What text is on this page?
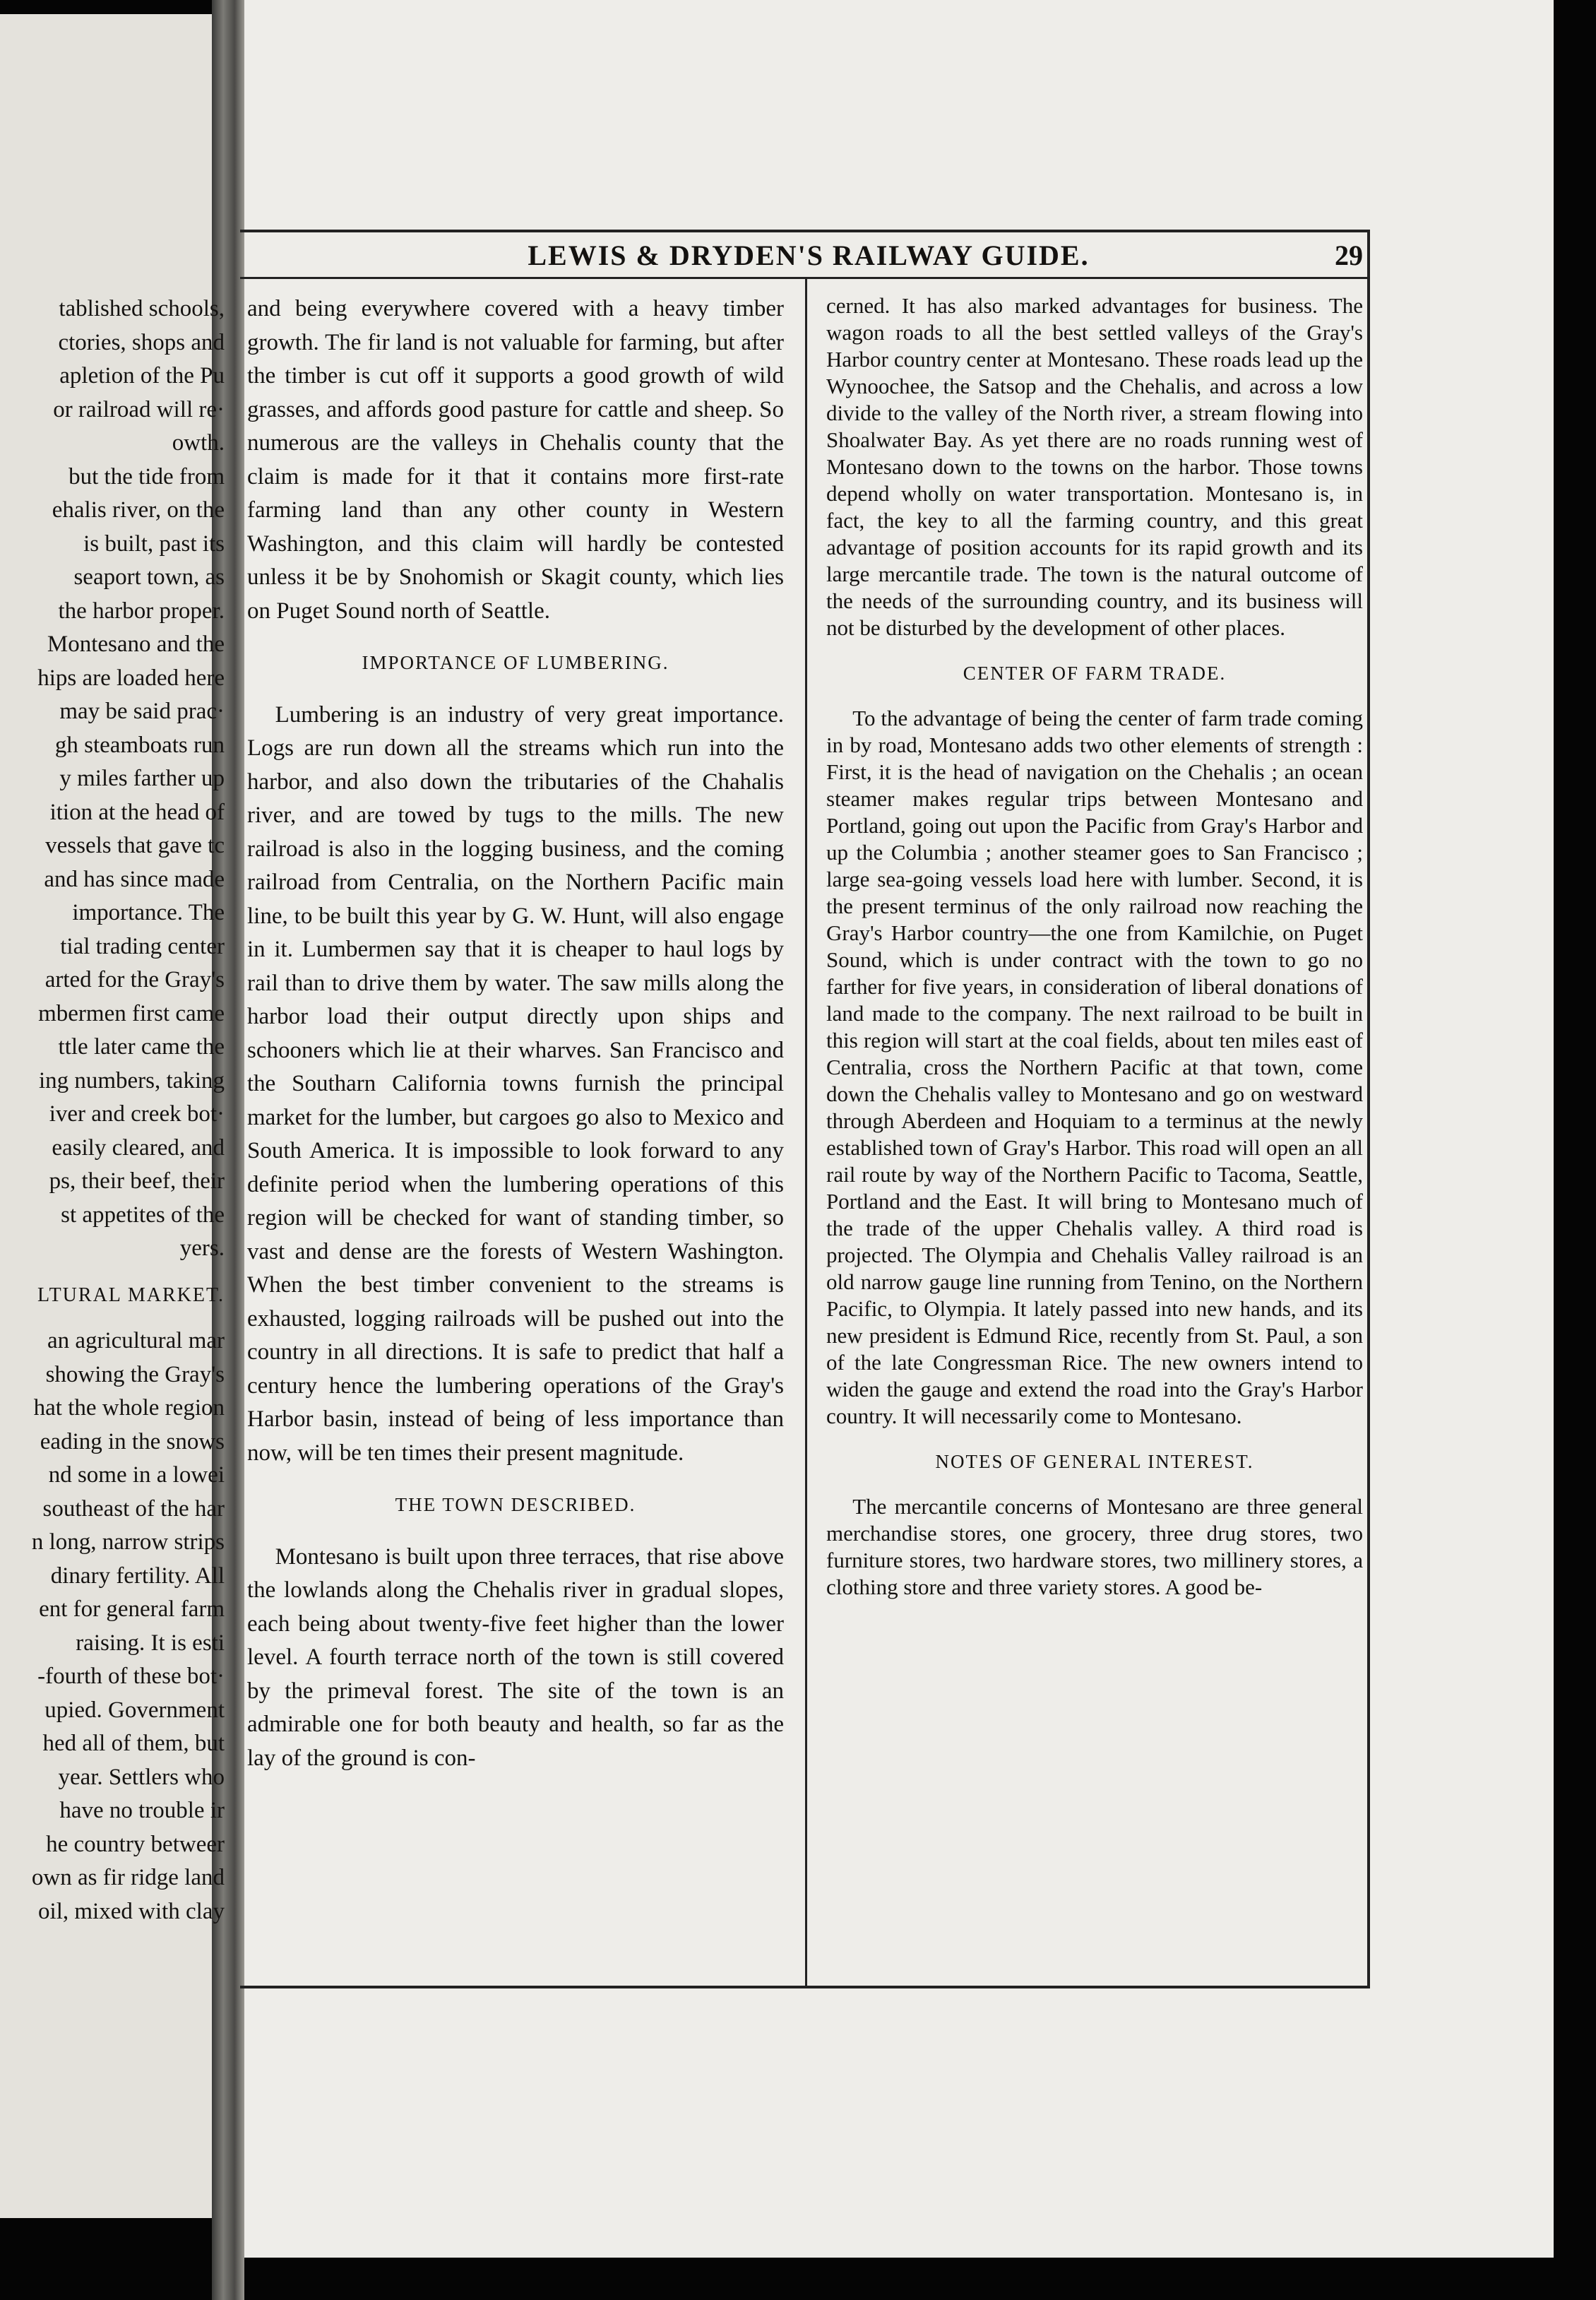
tablished schools,
ctories, shops and
apletion of the Pu
or railroad will re·
owth.
but the tide from
ehalis river, on the
is built, past its
seaport town, as
the harbor proper.
Montesano and the
hips are loaded here
may be said prac·
gh steamboats run
y miles farther up
ition at the head of
vessels that gave tc
and has since made
importance. The
tial trading center
arted for the Gray's
mbermen first came
ttle later came the
ing numbers, taking
iver and creek bot·
easily cleared, and
ps, their beef, their
st appetites of the
yers.
LTURAL MARKET.
an agricultural mar
showing the Gray's
hat the whole region
eading in the snows
nd some in a lowei
southeast of the har
n long, narrow strips
dinary fertility. All
ent for general farm
raising. It is esti
-fourth of these bot·
upied. Government
hed all of them, but
year. Settlers who
have no trouble ir
he country betweer
own as fir ridge land
oil, mixed with clay
LEWIS & DRYDEN'S RAILWAY GUIDE.	29

and being everywhere covered with a heavy timber growth. The fir land is not valuable for farming, but after the timber is cut off it supports a good growth of wild grasses, and affords good pasture for cattle and sheep. So numerous are the valleys in Chehalis county that the claim is made for it that it contains more first-rate farming land than any other county in Western Washington, and this claim will hardly be contested unless it be by Snohomish or Skagit county, which lies on Puget Sound north of Seattle.

IMPORTANCE OF LUMBERING.

Lumbering is an industry of very great importance. Logs are run down all the streams which run into the harbor, and also down the tributaries of the Chahalis river, and are towed by tugs to the mills. The new railroad is also in the logging business, and the coming railroad from Centralia, on the Northern Pacific main line, to be built this year by G. W. Hunt, will also engage in it. Lumbermen say that it is cheaper to haul logs by rail than to drive them by water. The saw mills along the harbor load their output directly upon ships and schooners which lie at their wharves. San Francisco and the Southarn California towns furnish the principal market for the lumber, but cargoes go also to Mexico and South America. It is impossible to look forward to any definite period when the lumbering operations of this region will be checked for want of standing timber, so vast and dense are the forests of Western Washington. When the best timber convenient to the streams is exhausted, logging railroads will be pushed out into the country in all directions. It is safe to predict that half a century hence the lumbering operations of the Gray's Harbor basin, instead of being of less importance than now, will be ten times their present magnitude.

THE TOWN DESCRIBED.

Montesano is built upon three terraces, that rise above the lowlands along the Chehalis river in gradual slopes, each being about twenty-five feet higher than the lower level. A fourth terrace north of the town is still covered by the primeval forest. The site of the town is an admirable one for both beauty and health, so far as the lay of the ground is con-

cerned. It has also marked advantages for business. The wagon roads to all the best settled valleys of the Gray's Harbor country center at Montesano. These roads lead up the Wynoochee, the Satsop and the Chehalis, and across a low divide to the valley of the North river, a stream flowing into Shoalwater Bay. As yet there are no roads running west of Montesano down to the towns on the harbor. Those towns depend wholly on water transportation. Montesano is, in fact, the key to all the farming country, and this great advantage of position accounts for its rapid growth and its large mercantile trade. The town is the natural outcome of the needs of the surrounding country, and its business will not be disturbed by the development of other places.

CENTER OF FARM TRADE.

To the advantage of being the center of farm trade coming in by road, Montesano adds two other elements of strength : First, it is the head of navigation on the Chehalis ; an ocean steamer makes regular trips between Montesano and Portland, going out upon the Pacific from Gray's Harbor and up the Columbia ; another steamer goes to San Francisco ; large sea-going vessels load here with lumber. Second, it is the present terminus of the only railroad now reaching the Gray's Harbor country—the one from Kamilchie, on Puget Sound, which is under contract with the town to go no farther for five years, in consideration of liberal donations of land made to the company. The next railroad to be built in this region will start at the coal fields, about ten miles east of Centralia, cross the Northern Pacific at that town, come down the Chehalis valley to Montesano and go on westward through Aberdeen and Hoquiam to a terminus at the newly established town of Gray's Harbor. This road will open an all rail route by way of the Northern Pacific to Tacoma, Seattle, Portland and the East. It will bring to Montesano much of the trade of the upper Chehalis valley. A third road is projected. The Olympia and Chehalis Valley railroad is an old narrow gauge line running from Tenino, on the Northern Pacific, to Olympia. It lately passed into new hands, and its new president is Edmund Rice, recently from St. Paul, a son of the late Congressman Rice. The new owners intend to widen the gauge and extend the road into the Gray's Harbor country. It will necessarily come to Montesano.

NOTES OF GENERAL INTEREST.

The mercantile concerns of Montesano are three general merchandise stores, one grocery, three drug stores, two furniture stores, two hardware stores, two millinery stores, a clothing store and three variety stores. A good be-
